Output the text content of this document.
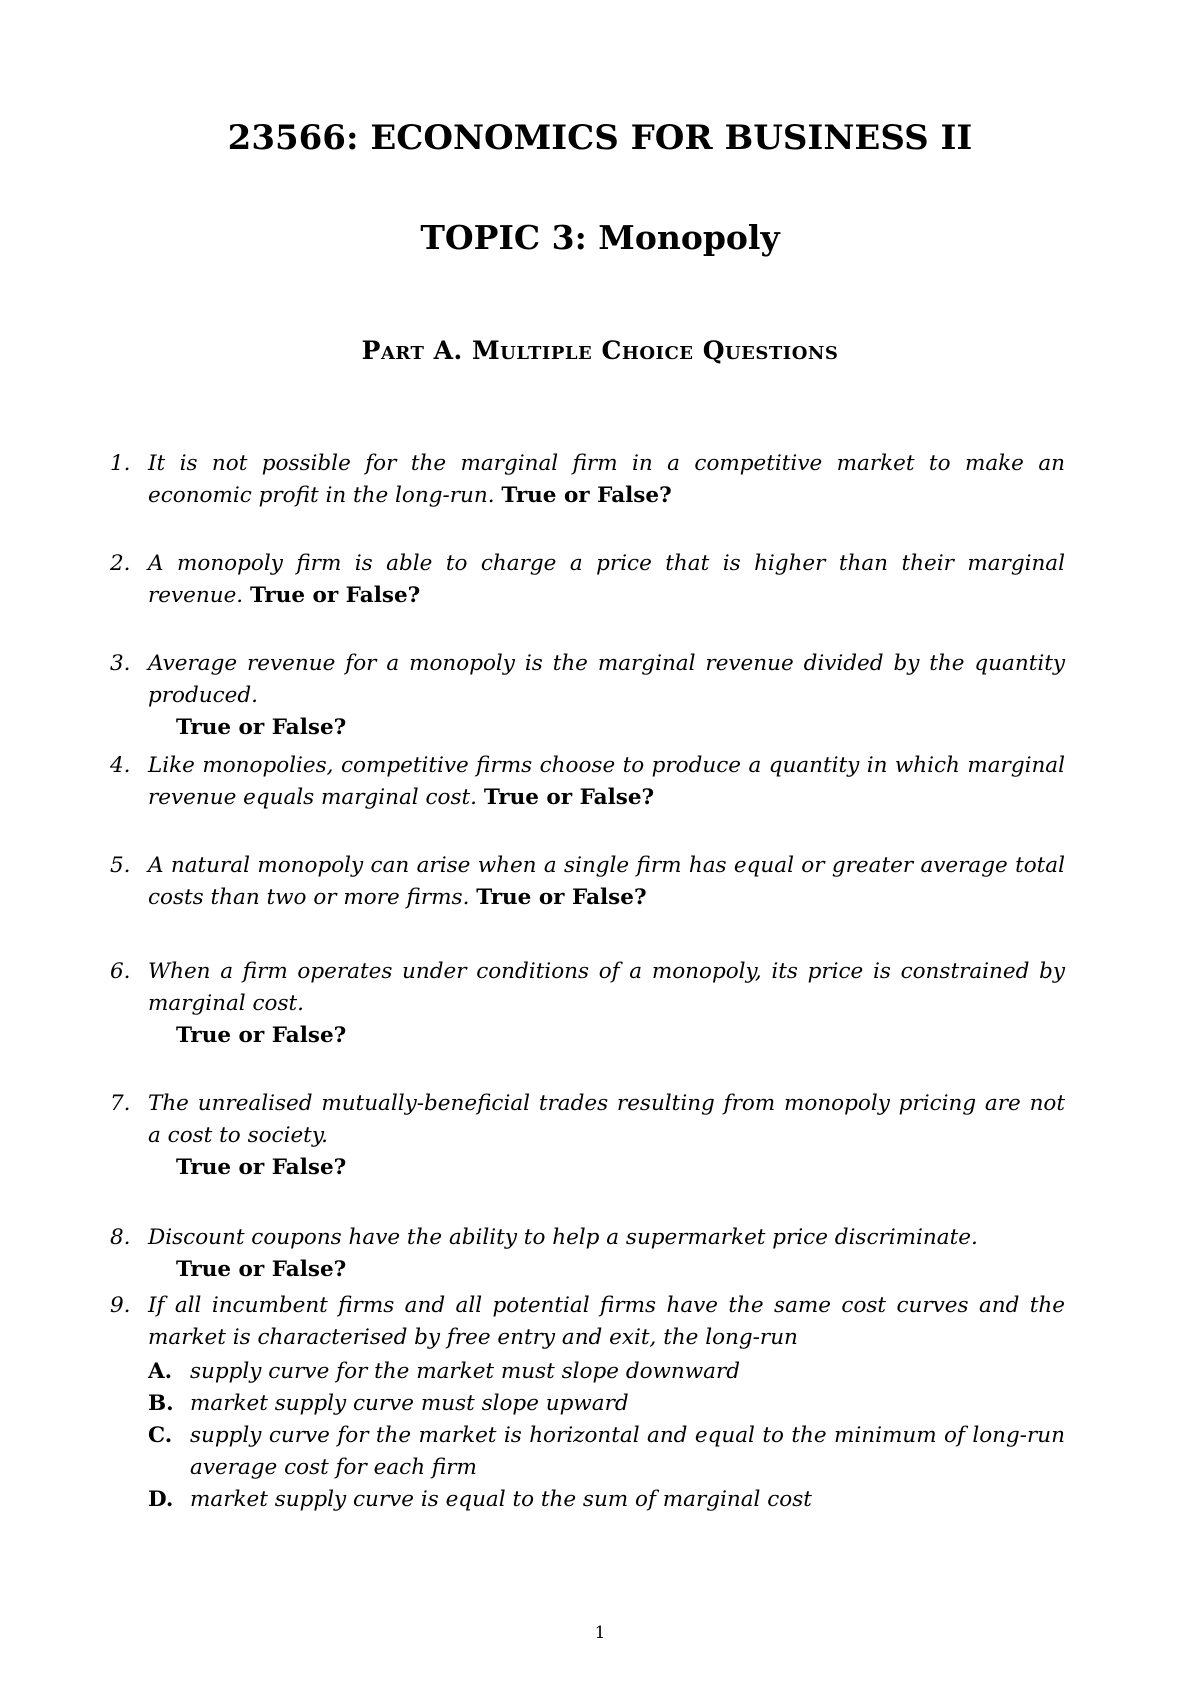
23566: ECONOMICS FOR BUSINESS II
TOPIC 3: Monopoly
Part A. Multiple Choice Questions
1. It is not possible for the marginal firm in a competitive market to make an economic profit in the long-run. True or False?
2. A monopoly firm is able to charge a price that is higher than their marginal revenue. True or False?
3. Average revenue for a monopoly is the marginal revenue divided by the quantity produced.
True or False?
4. Like monopolies, competitive firms choose to produce a quantity in which marginal revenue equals marginal cost. True or False?
5. A natural monopoly can arise when a single firm has equal or greater average total costs than two or more firms. True or False?
6. When a firm operates under conditions of a monopoly, its price is constrained by marginal cost.
True or False?
7. The unrealised mutually-beneficial trades resulting from monopoly pricing are not a cost to society.
True or False?
8. Discount coupons have the ability to help a supermarket price discriminate.
True or False?
9. If all incumbent firms and all potential firms have the same cost curves and the market is characterised by free entry and exit, the long-run
A. supply curve for the market must slope downward
B. market supply curve must slope upward
C. supply curve for the market is horizontal and equal to the minimum of long-run average cost for each firm
D. market supply curve is equal to the sum of marginal cost
1
